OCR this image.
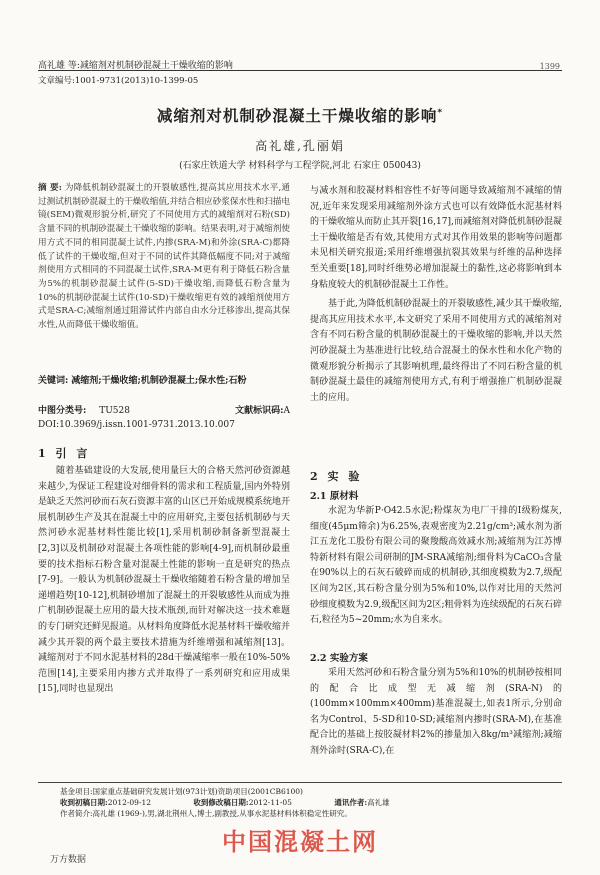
高礼雄 等:减缩剂对机制砂混凝土干燥收缩的影响	1399
文章编号:1001-9731(2013)10-1399-05
减缩剂对机制砂混凝土干燥收缩的影响*
高礼雄,孔丽娟
(石家庄铁道大学 材料科学与工程学院,河北 石家庄 050043)
摘 要: 为降低机制砂混凝土的开裂敏感性,提高其应用技术水平,通过测试机制砂混凝土的干燥收缩值,并结合相应砂浆保水性和扫描电镜(SEM)微观形貌分析,研究了不同使用方式的减缩剂对石粉(SD)含量不同的机制砂混凝土干燥收缩的影响。结果表明,对于减缩剂使用方式不同的相同混凝土试件,内掺(SRA-M)和外涂(SRA-C)都降低了试件的干燥收缩,但对于不同的试件其降低幅度不同;对于减缩剂使用方式相同的不同混凝土试件,SRA-M更有利于降低石粉含量为5%的机制砂混凝土试件(5-SD)干燥收缩,而降低石粉含量为10%的机制砂混凝土试件(10-SD)干燥收缩更有效的减缩剂使用方式是SRA-C;减缩剂通过阻滞试件内部自由水分迁移渗出,提高其保水性,从而降低干燥收缩值。
关键词: 减缩剂;干燥收缩;机制砂混凝土;保水性;石粉
中图分类号: TU528	文献标识码:A
DOI:10.3969/j.issn.1001-9731.2013.10.007
1 引 言

随着基础建设的大发展,使用量巨大的合格天然河砂资源越来越少,为保证工程建设对细骨料的需求和工程质量,国内外特别是缺乏天然河砂而石灰石资源丰富的山区已开始成规模系统地开展机制砂生产及其在混凝土中的应用研究,主要包括机制砂与天然河砂水泥基材料性能比较[1],采用机制砂制备新型混凝土[2,3]以及机制砂对混凝土各项性能的影响[4-9],而机制砂最重要的技术指标石粉含量对混凝土性能的影响一直是研究的热点[7-9]。一般认为机制砂混凝土干燥收缩随着石粉含量的增加呈递增趋势[10-12],机制砂增加了混凝土的开裂敏感性从而成为推广机制砂混凝土应用的最大技术瓶颈,而针对解决这一技术难题的专门研究还鲜见报道。从材料角度降低水泥基材料干燥收缩并减少其开裂的两个最主要技术措施为纤维增强和减缩剂[13]。减缩剂对于不同水泥基材料的28d干燥减缩率一般在10%-50%范围[14],主要采用内掺方式并取得了一系列研究和应用成果[15],同时也显现出

与减水剂和胶凝材料相容性不好等问题导致减缩剂不减缩的情况,近年来发现采用减缩剂外涂方式也可以有效降低水泥基材料的干燥收缩从而防止其开裂[16,17],而减缩剂对降低机制砂混凝土干燥收缩是否有效,其使用方式对其作用效果的影响等问题都未见相关研究报道;采用纤维增强抗裂其效果与纤维的品种选择至关重要[18],同时纤维势必增加混凝土的黏性,这必将影响到本身粘度较大的机制砂混凝土工作性。

基于此,为降低机制砂混凝土的开裂敏感性,减少其干燥收缩,提高其应用技术水平,本文研究了采用不同使用方式的减缩剂对含有不同石粉含量的机制砂混凝土的干燥收缩的影响,并以天然河砂混凝土为基准进行比较,结合混凝土的保水性和水化产物的微观形貌分析揭示了其影响机理,最终得出了不同石粉含量的机制砂混凝土最佳的减缩剂使用方式,有利于增强推广机制砂混凝土的应用。

2 实 验
2.1 原材料

水泥为华新P·O42.5水泥;粉煤灰为电厂干排的Ⅰ级粉煤灰,细度(45μm筛余)为6.25%,表观密度为2.21g/cm³;减水剂为浙江五龙化工股份有限公司的聚羧酸高效减水剂;减缩剂为江苏博特新材料有限公司研制的JM-SRA减缩剂;细骨料为CaCO₃含量在90%以上的石灰石破碎而成的机制砂,其细度模数为2.7,级配区间为2区,其石粉含量分别为5%和10%,以作对比用的天然河砂细度模数为2.9,级配区间为2区;粗骨料为连续级配的石灰石碎石,粒径为5~20mm;水为自来水。

2.2 实验方案

采用天然河砂和石粉含量分别为5%和10%的机制砂按相同的配合比成型无减缩剂(SRA-N)的(100mm×100mm×400mm)基准混凝土,如表1所示,分别命名为Control、5-SD和10-SD;减缩剂内掺时(SRA-M),在基准配合比的基础上按胶凝材料2%的掺量加入8kg/m³减缩剂;减缩剂外涂时(SRA-C),在

基金项目:国家重点基础研究发展计划(973计划)资助项目(2001CB6100)
收到初稿日期:2012-09-12	收到修改稿日期:2012-11-05	通讯作者:高礼雄
作者简介:高礼雄 (1969-),男,湖北荆州人,博士,副教授,从事水泥基材料体积稳定性研究。
中国混凝土网
万方数据
